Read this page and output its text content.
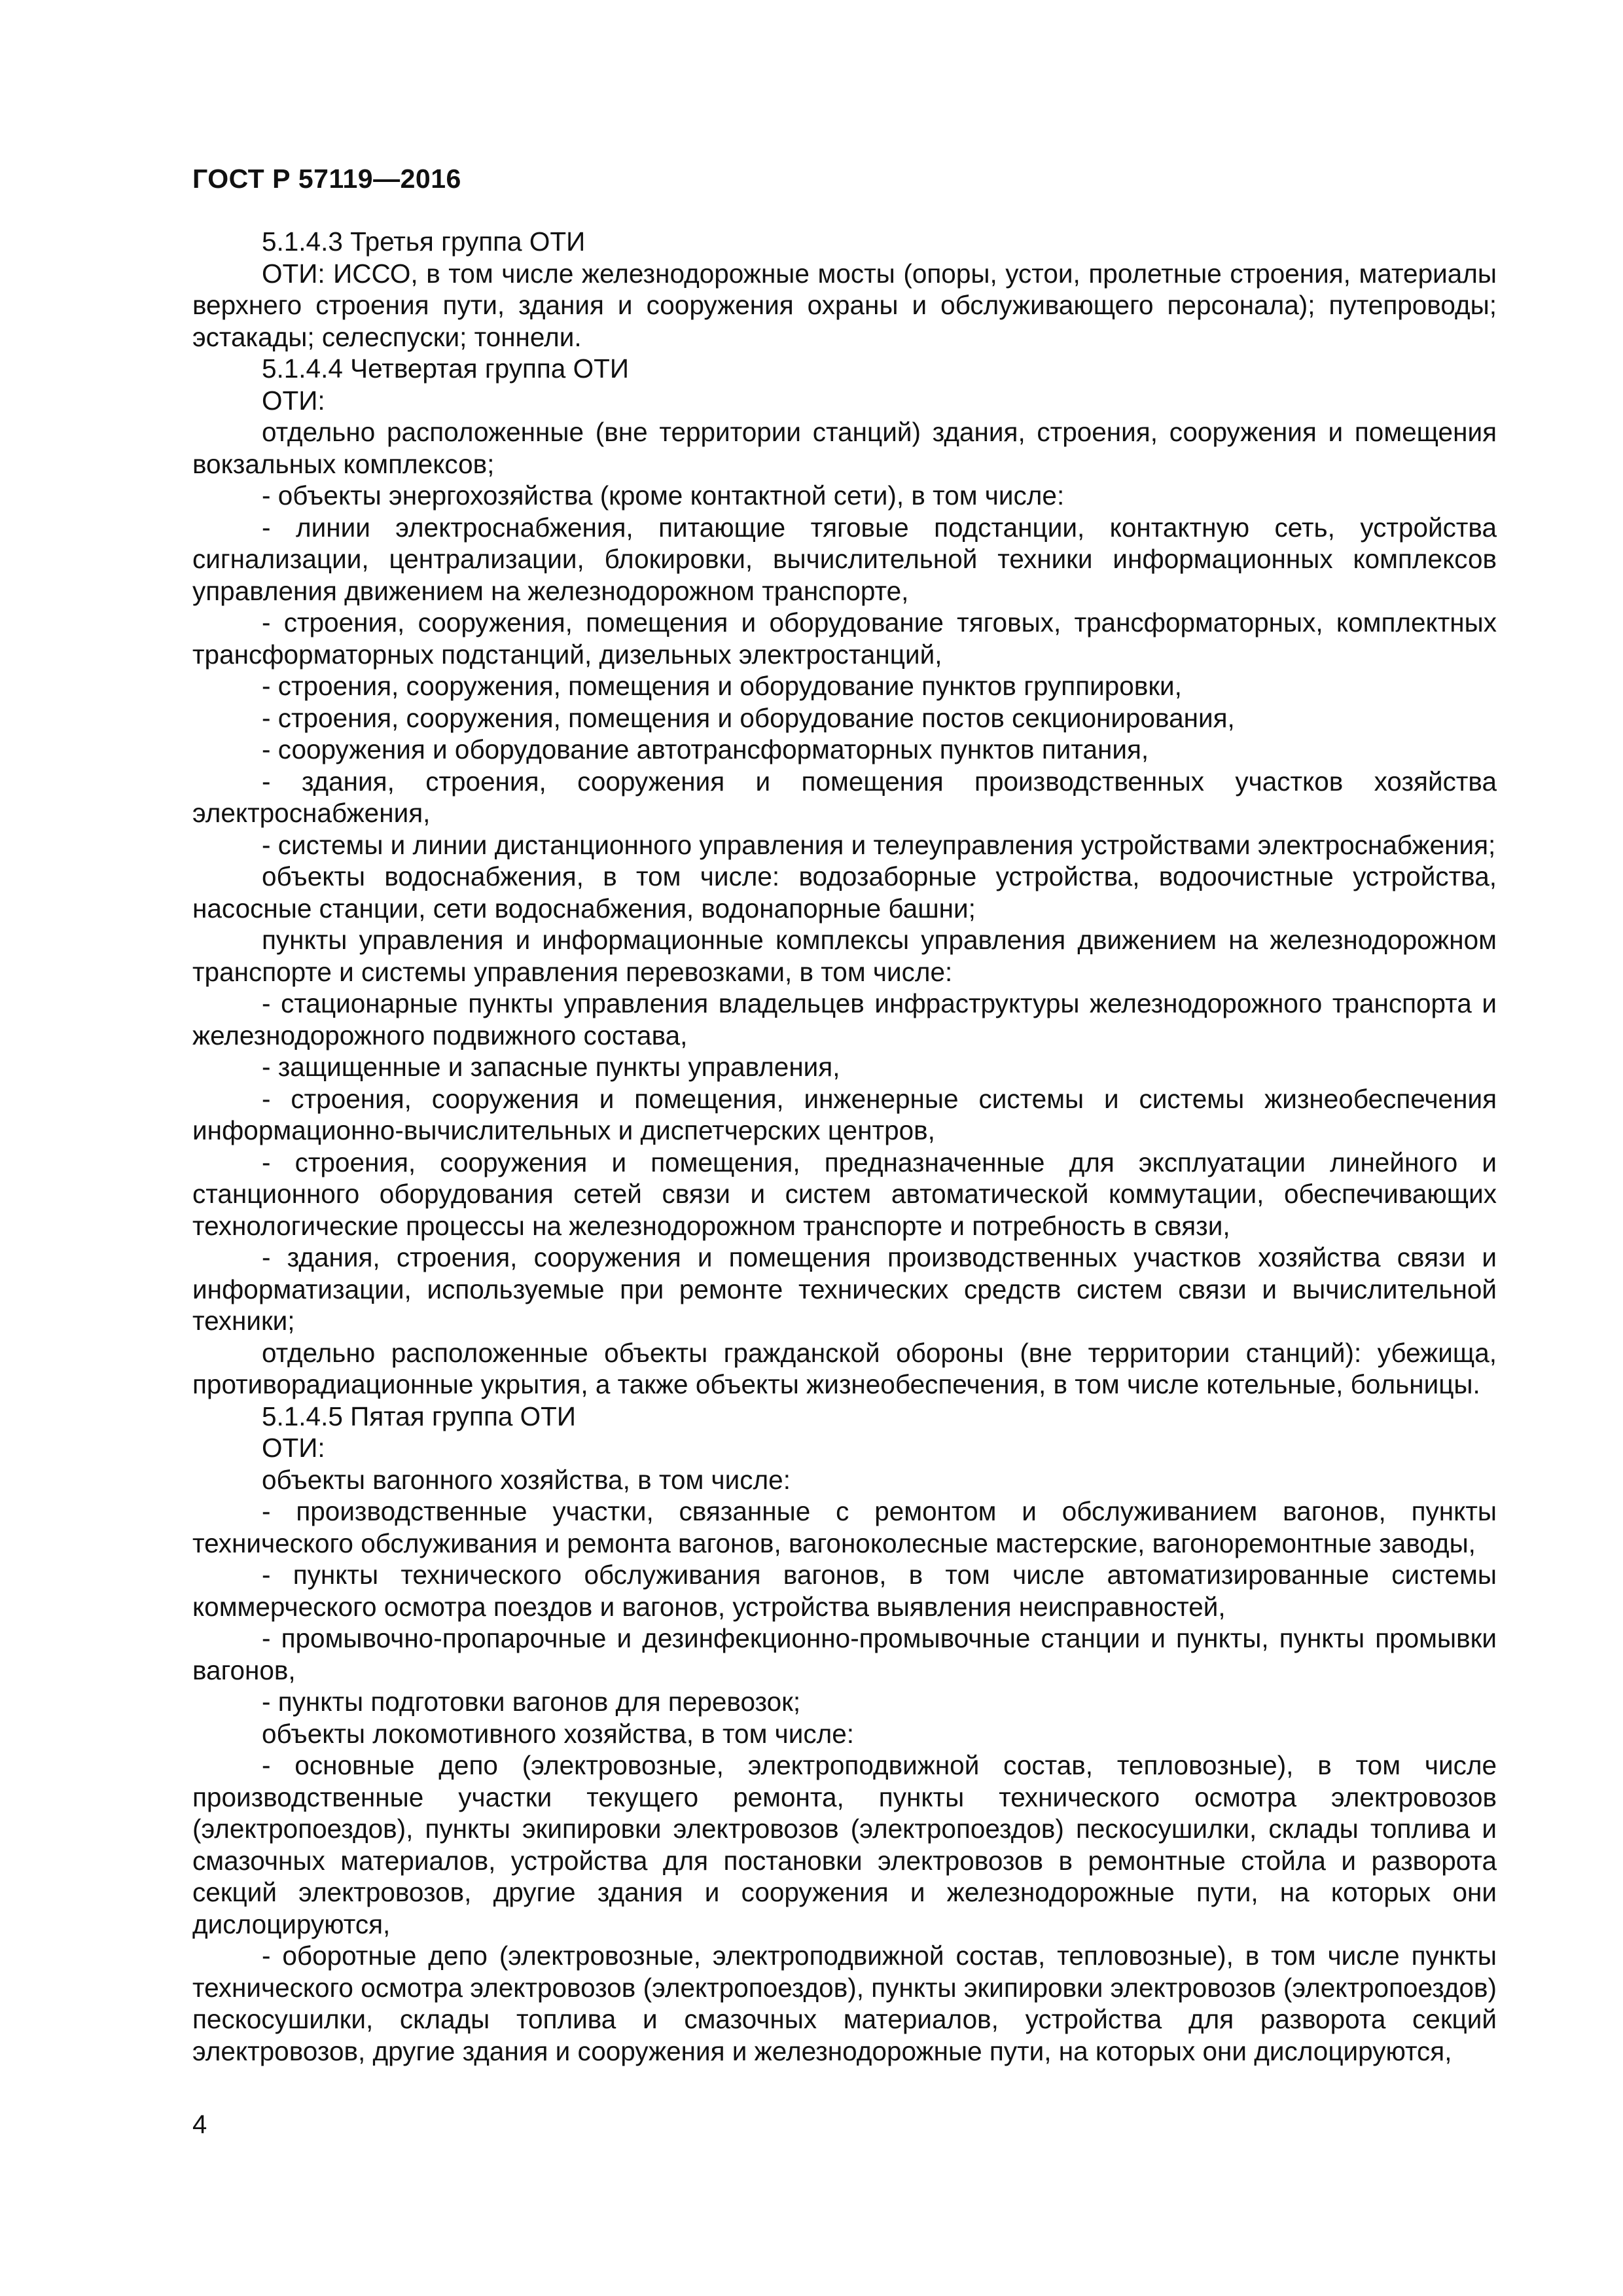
ГОСТ Р 57119—2016

5.1.4.3 Третья группа ОТИ

ОТИ: ИССО, в том числе железнодорожные мосты (опоры, устои, пролетные строения, материалы верхнего строения пути, здания и сооружения охраны и обслуживающего персонала); путепроводы; эстакады; селеспуски; тоннели.

5.1.4.4 Четвертая группа ОТИ

ОТИ:

отдельно расположенные (вне территории станций) здания, строения, сооружения и помещения вокзальных комплексов;

- объекты энергохозяйства (кроме контактной сети), в том числе:

- линии электроснабжения, питающие тяговые подстанции, контактную сеть, устройства сигнализации, централизации, блокировки, вычислительной техники информационных комплексов управления движением на железнодорожном транспорте,

- строения, сооружения, помещения и оборудование тяговых, трансформаторных, комплектных трансформаторных подстанций, дизельных электростанций,

- строения, сооружения, помещения и оборудование пунктов группировки,

- строения, сооружения, помещения и оборудование постов секционирования,

- сооружения и оборудование автотрансформаторных пунктов питания,

- здания, строения, сооружения и помещения производственных участков хозяйства электроснабжения,

- системы и линии дистанционного управления и телеуправления устройствами электроснабжения;

объекты водоснабжения, в том числе: водозаборные устройства, водоочистные устройства, насосные станции, сети водоснабжения, водонапорные башни;

пункты управления и информационные комплексы управления движением на железнодорожном транспорте и системы управления перевозками, в том числе:

- стационарные пункты управления владельцев инфраструктуры железнодорожного транспорта и железнодорожного подвижного состава,

- защищенные и запасные пункты управления,

- строения, сооружения и помещения, инженерные системы и системы жизнеобеспечения информационно-вычислительных и диспетчерских центров,

- строения, сооружения и помещения, предназначенные для эксплуатации линейного и станционного оборудования сетей связи и систем автоматической коммутации, обеспечивающих технологические процессы на железнодорожном транспорте и потребность в связи,

- здания, строения, сооружения и помещения производственных участков хозяйства связи и информатизации, используемые при ремонте технических средств систем связи и вычислительной техники;

отдельно расположенные объекты гражданской обороны (вне территории станций): убежища, противорадиационные укрытия, а также объекты жизнеобеспечения, в том числе котельные, больницы.

5.1.4.5 Пятая группа ОТИ

ОТИ:

объекты вагонного хозяйства, в том числе:

- производственные участки, связанные с ремонтом и обслуживанием вагонов, пункты технического обслуживания и ремонта вагонов, вагоноколесные мастерские, вагоноремонтные заводы,

- пункты технического обслуживания вагонов, в том числе автоматизированные системы коммерческого осмотра поездов и вагонов, устройства выявления неисправностей,

- промывочно-пропарочные и дезинфекционно-промывочные станции и пункты, пункты промывки вагонов,

- пункты подготовки вагонов для перевозок;

объекты локомотивного хозяйства, в том числе:

- основные депо (электровозные, электроподвижной состав, тепловозные), в том числе производственные участки текущего ремонта, пункты технического осмотра электровозов (электропоездов), пункты экипировки электровозов (электропоездов) пескосушилки, склады топлива и смазочных материалов, устройства для постановки электровозов в ремонтные стойла и разворота секций электровозов, другие здания и сооружения и железнодорожные пути, на которых они дислоцируются,

- оборотные депо (электровозные, электроподвижной состав, тепловозные), в том числе пункты технического осмотра электровозов (электропоездов), пункты экипировки электровозов (электропоездов) пескосушилки, склады топлива и смазочных материалов, устройства для разворота секций электровозов, другие здания и сооружения и железнодорожные пути, на которых они дислоцируются,

4
